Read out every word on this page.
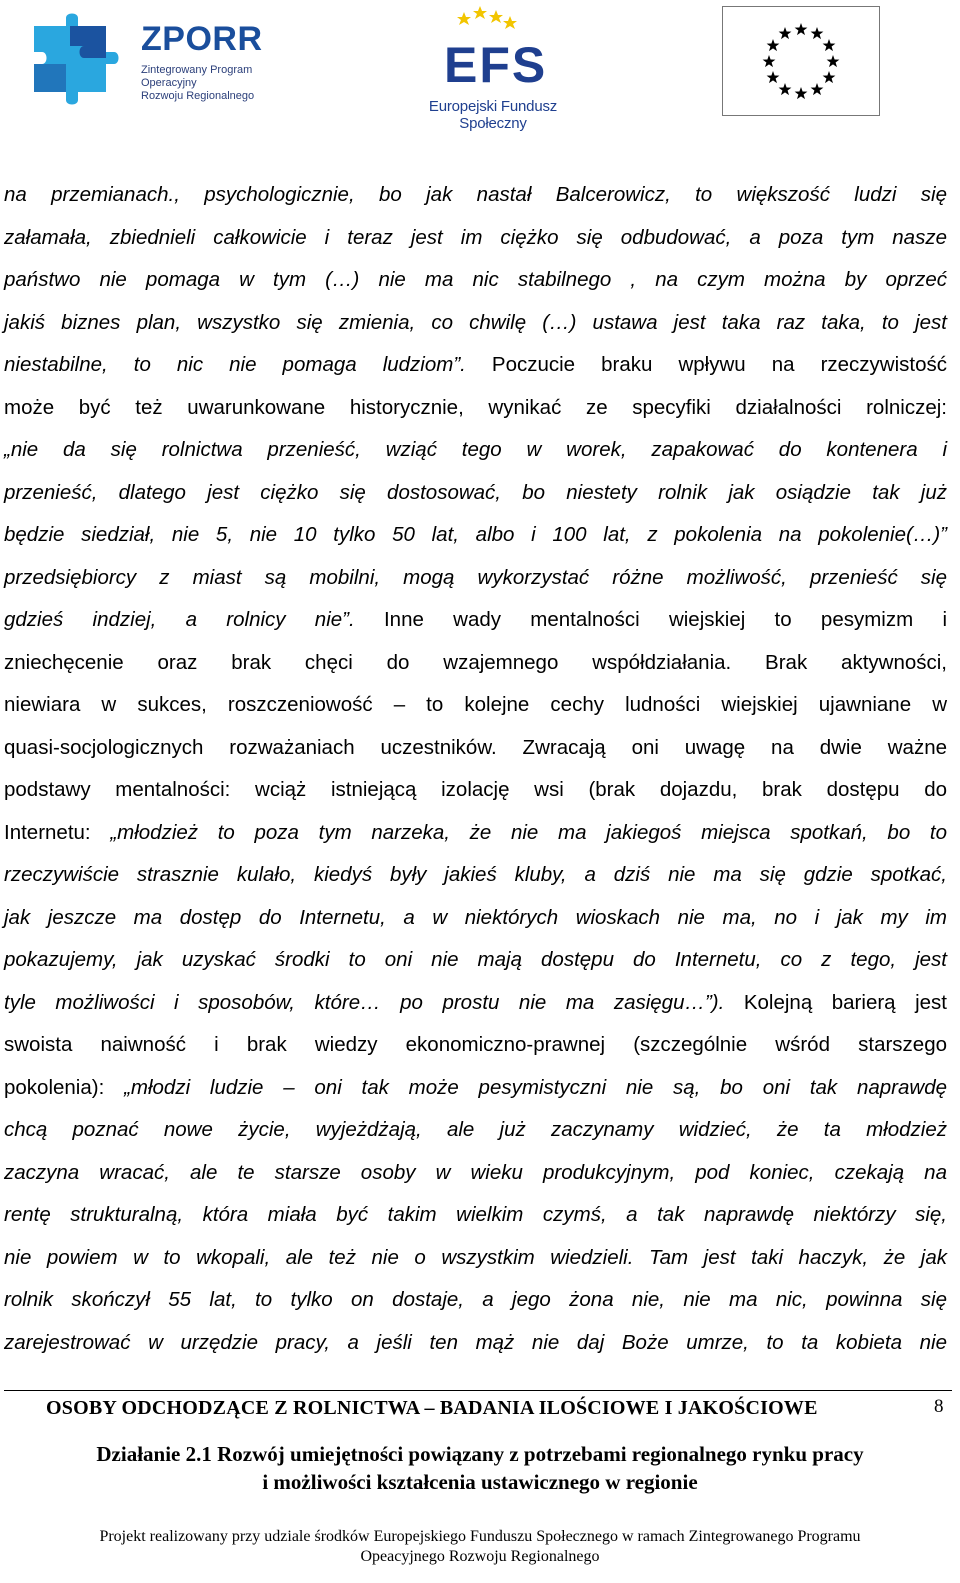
ZPORR
Zintegrowany Program
Operacyjny
Rozwoju Regionalnego
EFS
Europejski Fundusz Społeczny
na przemianach., psychologicznie, bo jak nastał Balcerowicz, to większość ludzi się
załamała, zbiednieli całkowicie i teraz jest im ciężko się odbudować, a poza tym nasze
państwo nie pomaga w tym (…) nie ma nic stabilnego , na czym można by oprzeć
jakiś biznes plan, wszystko się zmienia, co chwilę (…) ustawa jest taka raz taka, to jest
niestabilne, to nic nie pomaga ludziom”. Poczucie braku wpływu na rzeczywistość
może być też uwarunkowane historycznie, wynikać ze specyfiki działalności rolniczej:
„nie da się rolnictwa przenieść, wziąć tego w worek, zapakować do kontenera i
przenieść, dlatego jest ciężko się dostosować, bo niestety rolnik jak osiądzie tak już
będzie siedział, nie 5, nie 10 tylko 50 lat, albo i 100 lat, z pokolenia na pokolenie(…)”
przedsiębiorcy z miast są mobilni, mogą wykorzystać różne możliwość, przenieść się
gdzieś indziej, a rolnicy nie”. Inne wady mentalności wiejskiej to pesymizm i
zniechęcenie oraz brak chęci do wzajemnego współdziałania. Brak aktywności,
niewiara w sukces, roszczeniowość – to kolejne cechy ludności wiejskiej ujawniane w
quasi-socjologicznych rozważaniach uczestników. Zwracają oni uwagę na dwie ważne
podstawy mentalności: wciąż istniejącą izolację wsi (brak dojazdu, brak dostępu do
Internetu: „młodzież to poza tym narzeka, że nie ma jakiegoś miejsca spotkań, bo to
rzeczywiście strasznie kulało, kiedyś były jakieś kluby, a dziś nie ma się gdzie spotkać,
jak jeszcze ma dostęp do Internetu, a w niektórych wioskach nie ma, no i jak my im
pokazujemy, jak uzyskać środki to oni nie mają dostępu do Internetu, co z tego, jest
tyle możliwości i sposobów, które… po prostu nie ma zasięgu…”). Kolejną barierą jest
swoista naiwność i brak wiedzy ekonomiczno-prawnej (szczególnie wśród starszego
pokolenia): „młodzi ludzie – oni tak może pesymistyczni nie są, bo oni tak naprawdę
chcą poznać nowe życie, wyjeżdżają, ale już zaczynamy widzieć, że ta młodzież
zaczyna wracać, ale te starsze osoby w wieku produkcyjnym, pod koniec, czekają na
rentę strukturalną, która miała być takim wielkim czymś, a tak naprawdę niektórzy się,
nie powiem w to wkopali, ale też nie o wszystkim wiedzieli. Tam jest taki haczyk, że jak
rolnik skończył 55 lat, to tylko on dostaje, a jego żona nie, nie ma nic, powinna się
zarejestrować w urzędzie pracy, a jeśli ten mąż nie daj Boże umrze, to ta kobieta nie
OSOBY ODCHODZĄCE Z ROLNICTWA – BADANIA ILOŚCIOWE I JAKOŚCIOWE	8
Działanie 2.1 Rozwój umiejętności powiązany z potrzebami regionalnego rynku pracy
i możliwości kształcenia ustawicznego w regionie
Projekt realizowany przy udziale środków Europejskiego Funduszu Społecznego w ramach Zintegrowanego Programu
Opeacyjnego Rozwoju Regionalnego
